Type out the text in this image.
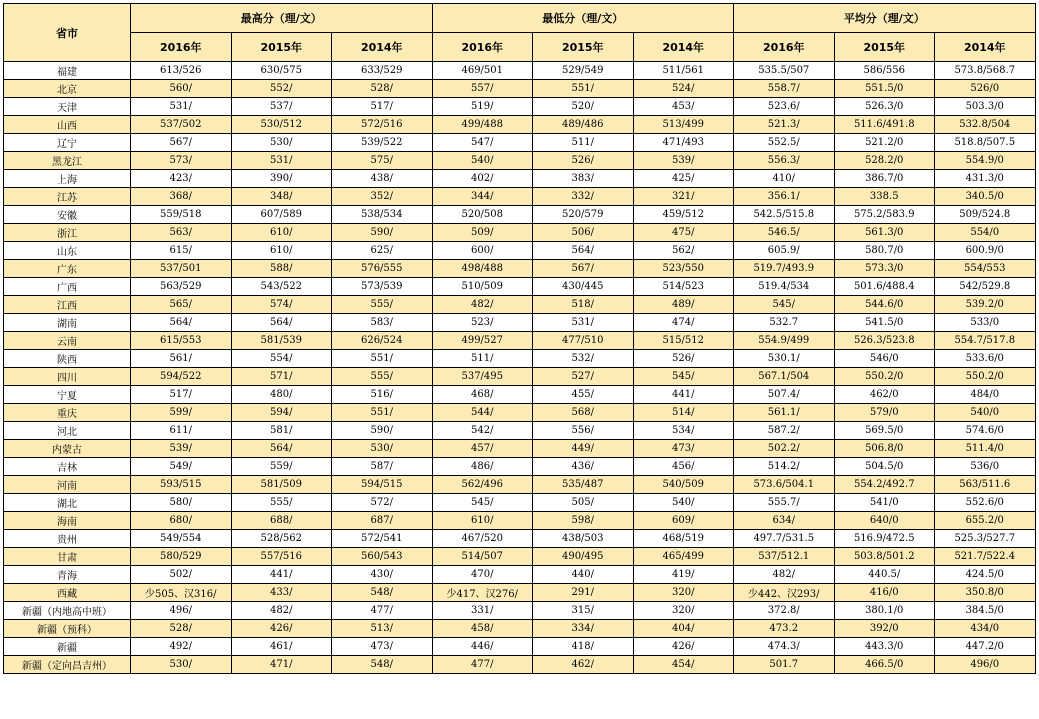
省市	最高分（理/文）			最低分（理/文）			平均分（理/文）		
	2016年	2015年	2014年	2016年	2015年	2014年	2016年	2015年	2014年
福建	613/526	630/575	633/529	469/501	529/549	511/561	535.5/507	586/556	573.8/568.7
北京	560/	552/	528/	557/	551/	524/	558.7/	551.5/0	526/0
天津	531/	537/	517/	519/	520/	453/	523.6/	526.3/0	503.3/0
山西	537/502	530/512	572/516	499/488	489/486	513/499	521.3/	511.6/491.8	532.8/504
辽宁	567/	530/	539/522	547/	511/	471/493	552.5/	521.2/0	518.8/507.5
黑龙江	573/	531/	575/	540/	526/	539/	556.3/	528.2/0	554.9/0
上海	423/	390/	438/	402/	383/	425/	410/	386.7/0	431.3/0
江苏	368/	348/	352/	344/	332/	321/	356.1/	338.5	340.5/0
安徽	559/518	607/589	538/534	520/508	520/579	459/512	542.5/515.8	575.2/583.9	509/524.8
浙江	563/	610/	590/	509/	506/	475/	546.5/	561.3/0	554/0
山东	615/	610/	625/	600/	564/	562/	605.9/	580.7/0	600.9/0
广东	537/501	588/	576/555	498/488	567/	523/550	519.7/493.9	573.3/0	554/553
广西	563/529	543/522	573/539	510/509	430/445	514/523	519.4/534	501.6/488.4	542/529.8
江西	565/	574/	555/	482/	518/	489/	545/	544.6/0	539.2/0
湖南	564/	564/	583/	523/	531/	474/	532.7	541.5/0	533/0
云南	615/553	581/539	626/524	499/527	477/510	515/512	554.9/499	526.3/523.8	554.7/517.8
陕西	561/	554/	551/	511/	532/	526/	530.1/	546/0	533.6/0
四川	594/522	571/	555/	537/495	527/	545/	567.1/504	550.2/0	550.2/0
宁夏	517/	480/	516/	468/	455/	441/	507.4/	462/0	484/0
重庆	599/	594/	551/	544/	568/	514/	561.1/	579/0	540/0
河北	611/	581/	590/	542/	556/	534/	587.2/	569.5/0	574.6/0
内蒙古	539/	564/	530/	457/	449/	473/	502.2/	506.8/0	511.4/0
吉林	549/	559/	587/	486/	436/	456/	514.2/	504.5/0	536/0
河南	593/515	581/509	594/515	562/496	535/487	540/509	573.6/504.1	554.2/492.7	563/511.6
湖北	580/	555/	572/	545/	505/	540/	555.7/	541/0	552.6/0
海南	680/	688/	687/	610/	598/	609/	634/	640/0	655.2/0
贵州	549/554	528/562	572/541	467/520	438/503	468/519	497.7/531.5	516.9/472.5	525.3/527.7
甘肃	580/529	557/516	560/543	514/507	490/495	465/499	537/512.1	503.8/501.2	521.7/522.4
青海	502/	441/	430/	470/	440/	419/	482/	440.5/	424.5/0
西藏	少505、汉316/	433/	548/	少417、汉276/	291/	320/	少442、汉293/	416/0	350.8/0
新疆（内地高中班）	496/	482/	477/	331/	315/	320/	372.8/	380.1/0	384.5/0
新疆（预科）	528/	426/	513/	458/	334/	404/	473.2	392/0	434/0
新疆	492/	461/	473/	446/	418/	426/	474.3/	443.3/0	447.2/0
新疆（定向昌吉州）	530/	471/	548/	477/	462/	454/	501.7	466.5/0	496/0
